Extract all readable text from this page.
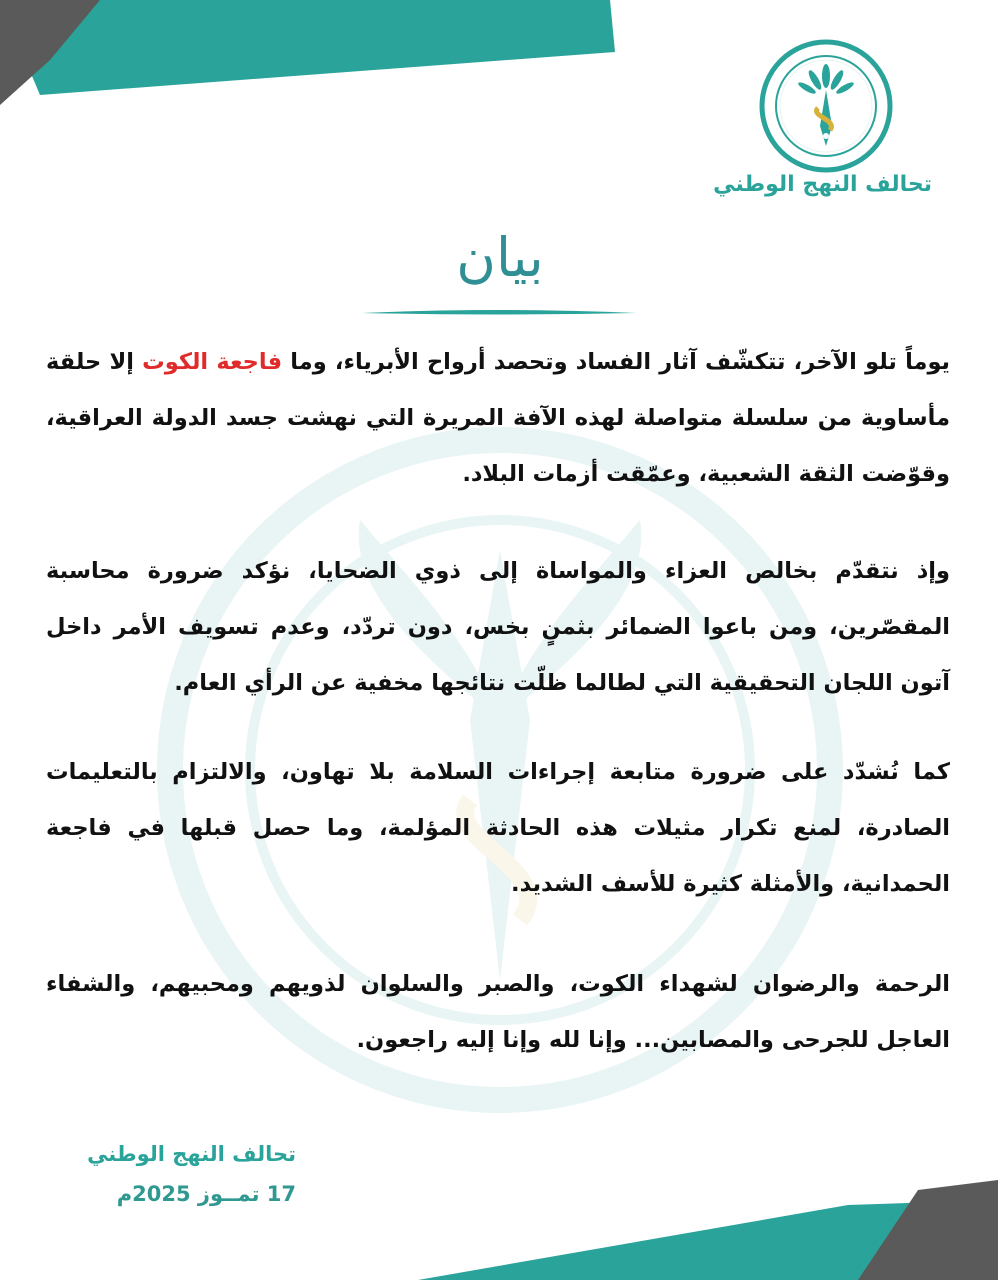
تحالف النهج الوطني
بيان

يوماً تلو الآخر، تتكشّف آثار الفساد وتحصد أرواح الأبرياء، وما فاجعة الكوت إلا حلقة مأساوية من سلسلة متواصلة لهذه الآفة المريرة التي نهشت جسد الدولة العراقية، وقوّضت الثقة الشعبية، وعمّقت أزمات البلاد.

وإذ نتقدّم بخالص العزاء والمواساة إلى ذوي الضحايا، نؤكد ضرورة محاسبة المقصّرين، ومن باعوا الضمائر بثمنٍ بخس، دون تردّد، وعدم تسويف الأمر داخل آتون اللجان التحقيقية التي لطالما ظلّت نتائجها مخفية عن الرأي العام.

كما نُشدّد على ضرورة متابعة إجراءات السلامة بلا تهاون، والالتزام بالتعليمات الصادرة، لمنع تكرار مثيلات هذه الحادثة المؤلمة، وما حصل قبلها في فاجعة الحمدانية، والأمثلة كثيرة للأسف الشديد.

الرحمة والرضوان لشهداء الكوت، والصبر والسلوان لذويهم ومحبيهم، والشفاء العاجل للجرحى والمصابين... وإنا لله وإنا إليه راجعون.

تحالف النهج الوطني
17 تمــوز 2025م
